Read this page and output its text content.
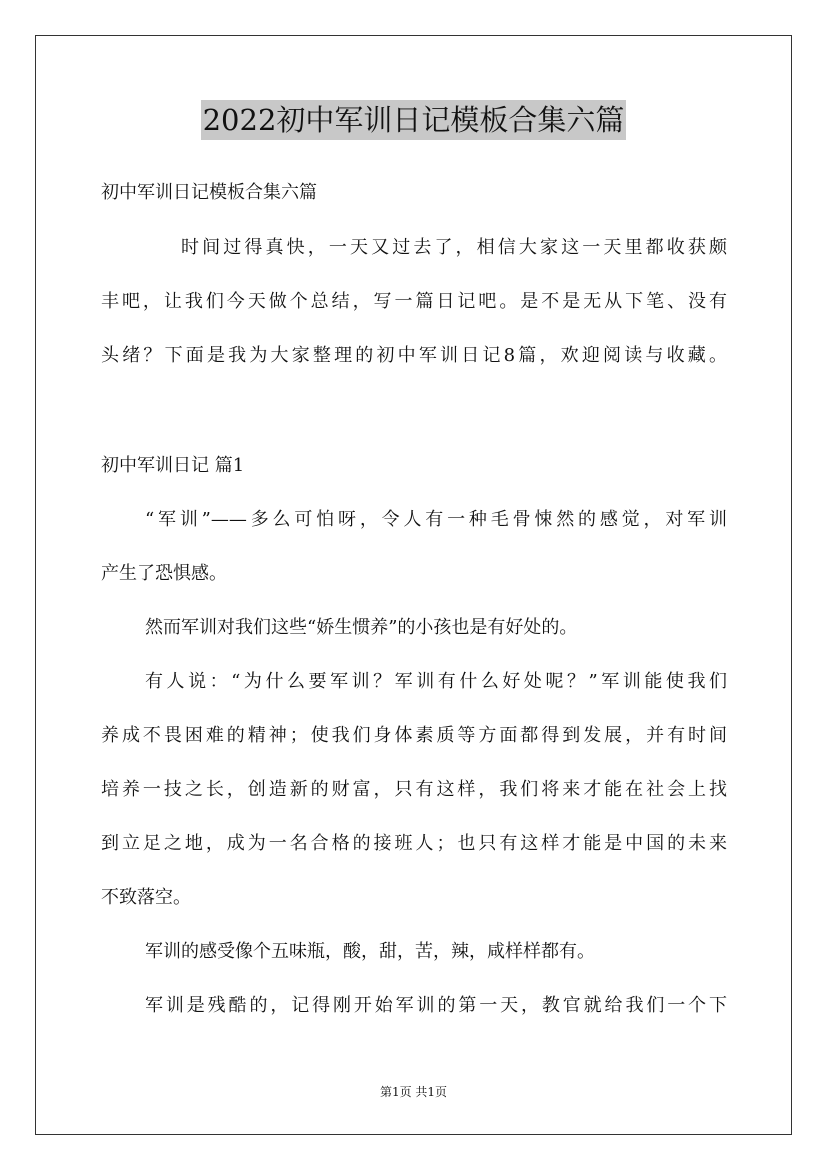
2022初中军训日记模板合集六篇
初中军训日记模板合集六篇
时间过得真快，一天又过去了，相信大家这一天里都收获颇
丰吧，让我们今天做个总结，写一篇日记吧。是不是无从下笔、没有
头绪？下面是我为大家整理的初中军训日记8篇，欢迎阅读与收藏。
初中军训日记 篇1
“军训”——多么可怕呀，令人有一种毛骨悚然的感觉，对军训
产生了恐惧感。
然而军训对我们这些“娇生惯养”的小孩也是有好处的。
有人说：“为什么要军训？军训有什么好处呢？”军训能使我们
养成不畏困难的精神；使我们身体素质等方面都得到发展，并有时间
培养一技之长，创造新的财富，只有这样，我们将来才能在社会上找
到立足之地，成为一名合格的接班人；也只有这样才能是中国的未来
不致落空。
军训的感受像个五味瓶，酸，甜，苦，辣，咸样样都有。
军训是残酷的，记得刚开始军训的第一天，教官就给我们一个下
第1页 共1页
